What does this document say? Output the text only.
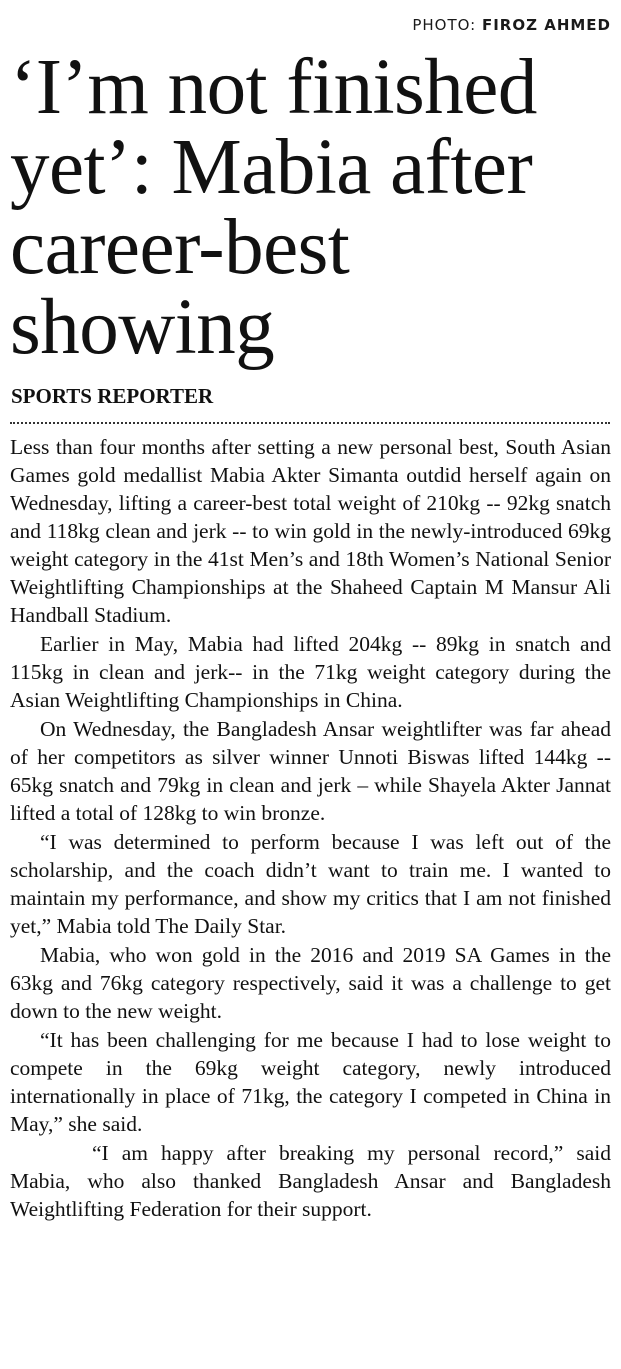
PHOTO: FIROZ AHMED
‘I’m not finished yet’: Mabia after career-best showing
SPORTS REPORTER

Less than four months after setting a new personal best, South Asian Games gold medallist Mabia Akter Simanta outdid herself again on Wednesday, lifting a career-best total weight of 210kg -- 92kg snatch and 118kg clean and jerk -- to win gold in the newly-introduced 69kg weight category in the 41st Men’s and 18th Women’s National Senior Weightlifting Championships at the Shaheed Captain M Mansur Ali Handball Stadium.

Earlier in May, Mabia had lifted 204kg -- 89kg in snatch and 115kg in clean and jerk-- in the 71kg weight category during the Asian Weightlifting Championships in China.

On Wednesday, the Bangladesh Ansar weightlifter was far ahead of her competitors as silver winner Unnoti Biswas lifted 144kg -- 65kg snatch and 79kg in clean and jerk – while Shayela Akter Jannat lifted a total of 128kg to win bronze.

“I was determined to perform because I was left out of the scholarship, and the coach didn’t want to train me. I wanted to maintain my performance, and show my critics that I am not finished yet,” Mabia told The Daily Star.

Mabia, who won gold in the 2016 and 2019 SA Games in the 63kg and 76kg category respectively, said it was a challenge to get down to the new weight.

“It has been challenging for me because I had to lose weight to compete in the 69kg weight category, newly introduced internationally in place of 71kg, the category I competed in China in May,” she said.

“I am happy after breaking my personal record,” said Mabia, who also thanked Bangladesh Ansar and Bangladesh Weightlifting Federation for their support.
